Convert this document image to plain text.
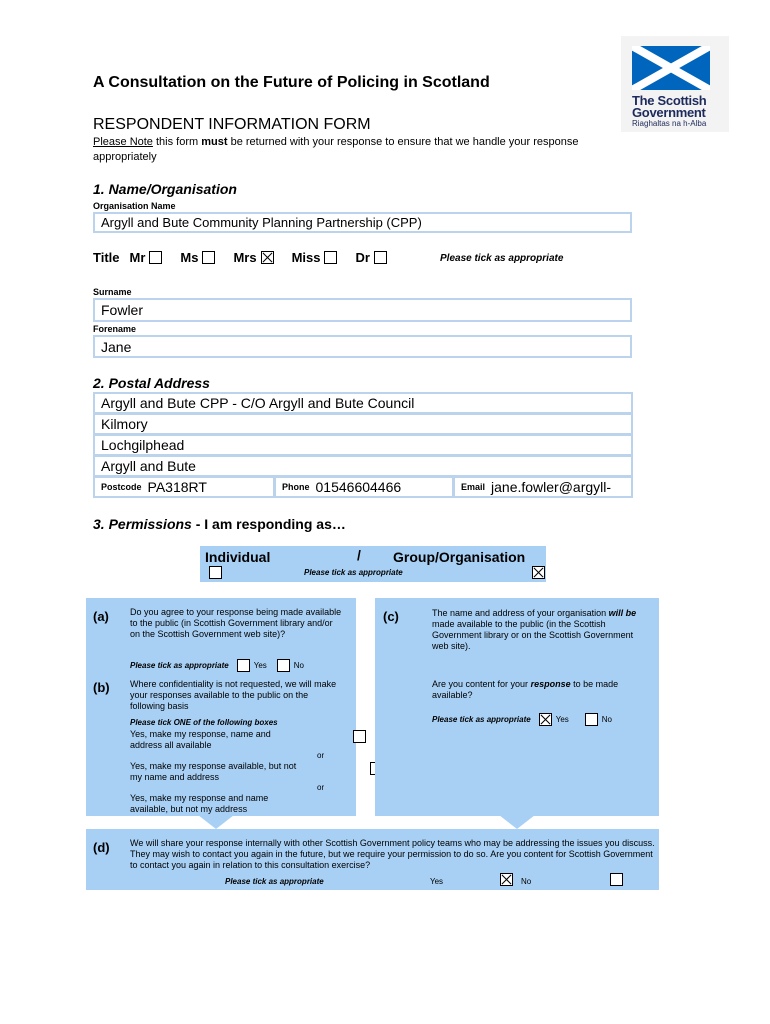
The Scottish
Government
Riaghaltas na h-Alba
A Consultation on the Future of Policing in Scotland
RESPONDENT INFORMATION FORM
Please Note this form must be returned with your response to ensure that we handle your response appropriately
1. Name/Organisation
Organisation Name
Argyll and Bute Community Planning Partnership (CPP)
Title Mr	Ms	Mrs	Miss	Dr	Please tick as appropriate
Surname
Fowler
Forename
Jane
2. Postal Address
Argyll and Bute CPP - C/O Argyll and Bute Council
Kilmory
Lochgilphead
Argyll and Bute
Postcode PA318RT	Phone 01546604466	Email jane.fowler@argyll-
3. Permissions - I am responding as…
Individual	/ Group/Organisation

Please tick as appropriate

(a) Do you agree to your response being made available to the public (in Scottish Government library and/or on the Scottish Government web site)?
Please tick as appropriate	Yes	No
(b) Where confidentiality is not requested, we will make your responses available to the public on the following basis
Please tick ONE of the following boxes
Yes, make my response, name and address all available

or
Yes, make my response available, but not my name and address

or
Yes, make my response and name available, but not my address

(c)	The name and address of your organisation will be made available to the public (in the Scottish Government library or on the Scottish Government web site).
Are you content for your response to be made available?
Please tick as appropriate	Yes	No
(d) We will share your response internally with other Scottish Government policy teams who may be addressing the issues you discuss. They may wish to contact you again in the future, but we require your permission to do so. Are you content for Scottish Government to contact you again in relation to this consultation exercise?
Please tick as appropriate
	Yes	No
